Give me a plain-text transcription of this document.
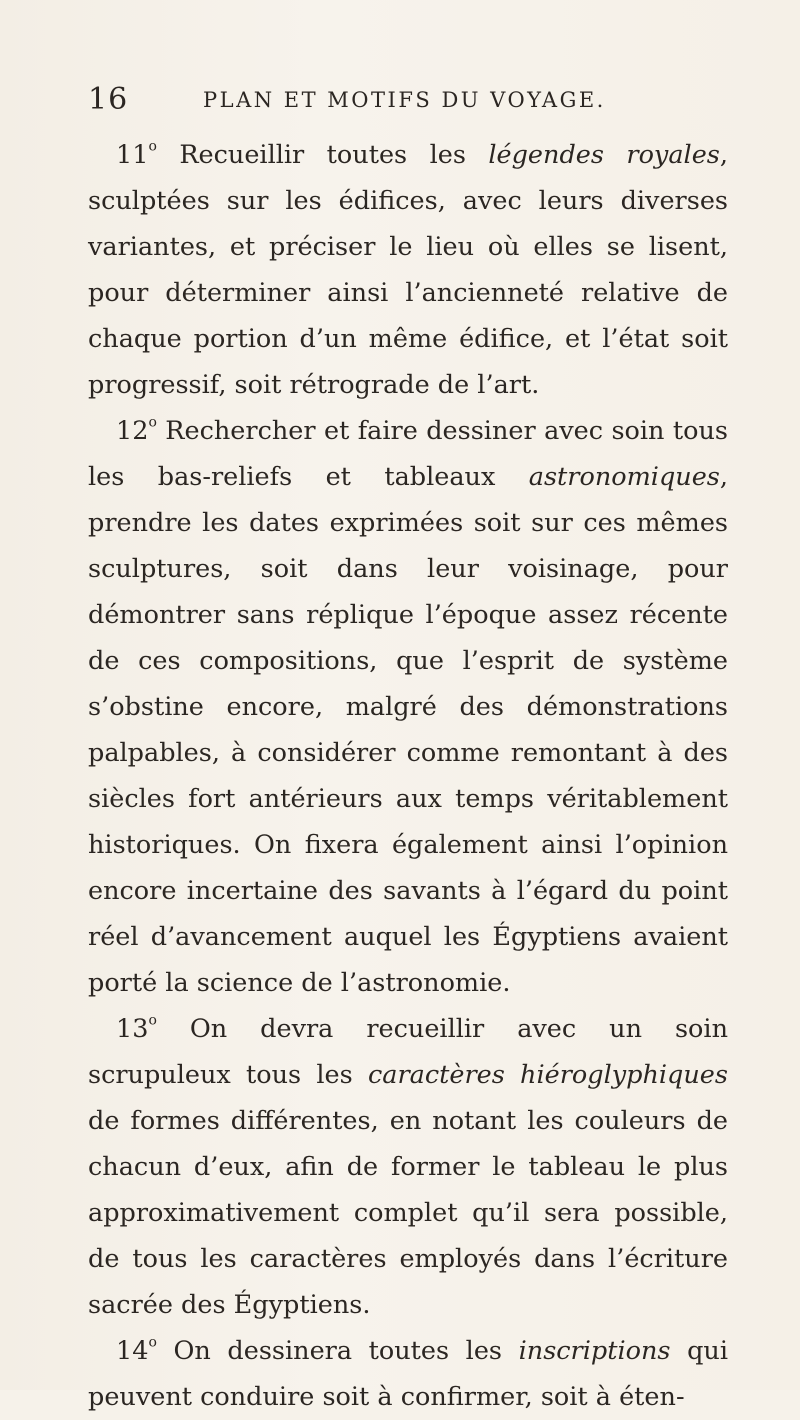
16	PLAN ET MOTIFS DU VOYAGE.

11$^o$ Recueillir toutes les légendes royales, sculptées sur les édifices, avec leurs diverses variantes, et préciser le lieu où elles se lisent, pour déterminer ainsi l’ancienneté relative de chaque portion d’un même édifice, et l’état soit progressif, soit rétrograde de l’art.

12$^o$ Rechercher et faire dessiner avec soin tous les bas-reliefs et tableaux astronomiques, prendre les dates exprimées soit sur ces mêmes sculptures, soit dans leur voisinage, pour démontrer sans réplique l’époque assez récente de ces compositions, que l’esprit de système s’obstine encore, malgré des démonstrations palpables, à considérer comme remontant à des siècles fort antérieurs aux temps véritablement historiques. On fixera également ainsi l’opinion encore incertaine des savants à l’égard du point réel d’avancement auquel les Égyptiens avaient porté la science de l’astronomie.

13$^o$ On devra recueillir avec un soin scrupuleux tous les caractères hiéroglyphiques de formes différentes, en notant les couleurs de chacun d’eux, afin de former le tableau le plus approximativement complet qu’il sera possible, de tous les caractères employés dans l’écriture sacrée des Égyptiens.

14$^o$ On dessinera toutes les inscriptions qui peuvent conduire soit à confirmer, soit à éten-
